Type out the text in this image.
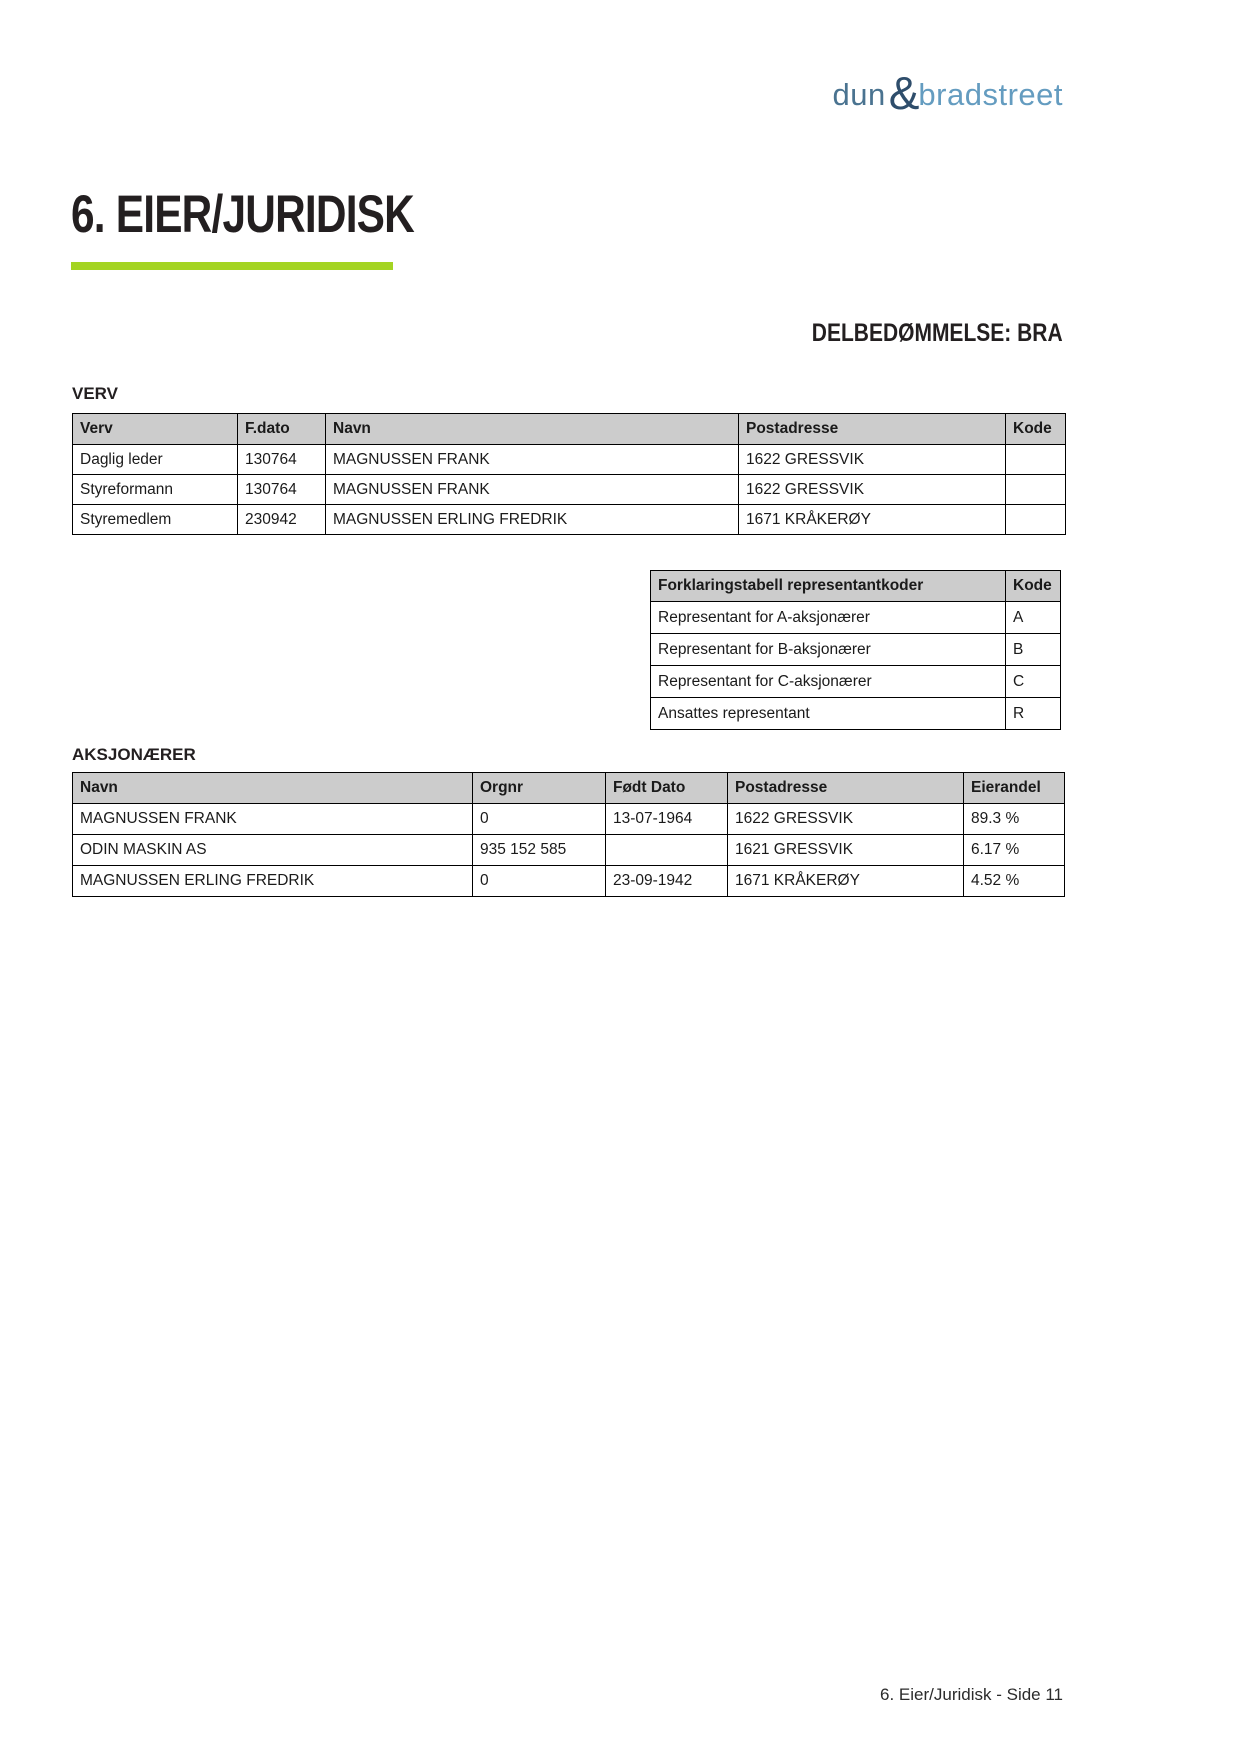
dun & bradstreet
6. EIER/JURIDISK
DELBEDØMMELSE: BRA
VERV
Verv	F.dato	Navn	Postadresse	Kode
Daglig leder	130764	MAGNUSSEN FRANK	1622 GRESSVIK	
Styreformann	130764	MAGNUSSEN FRANK	1622 GRESSVIK	
Styremedlem	230942	MAGNUSSEN ERLING FREDRIK	1671 KRÅKERØY	
Forklaringstabell representantkoder	Kode
Representant for A-aksjonærer	A
Representant for B-aksjonærer	B
Representant for C-aksjonærer	C
Ansattes representant	R
AKSJONÆRER
Navn	Orgnr	Født Dato	Postadresse	Eierandel
MAGNUSSEN FRANK	0	13-07-1964	1622 GRESSVIK	89.3 %
ODIN MASKIN AS	935 152 585		1621 GRESSVIK	6.17 %
MAGNUSSEN ERLING FREDRIK	0	23-09-1942	1671 KRÅKERØY	4.52 %
6. Eier/Juridisk - Side 11
